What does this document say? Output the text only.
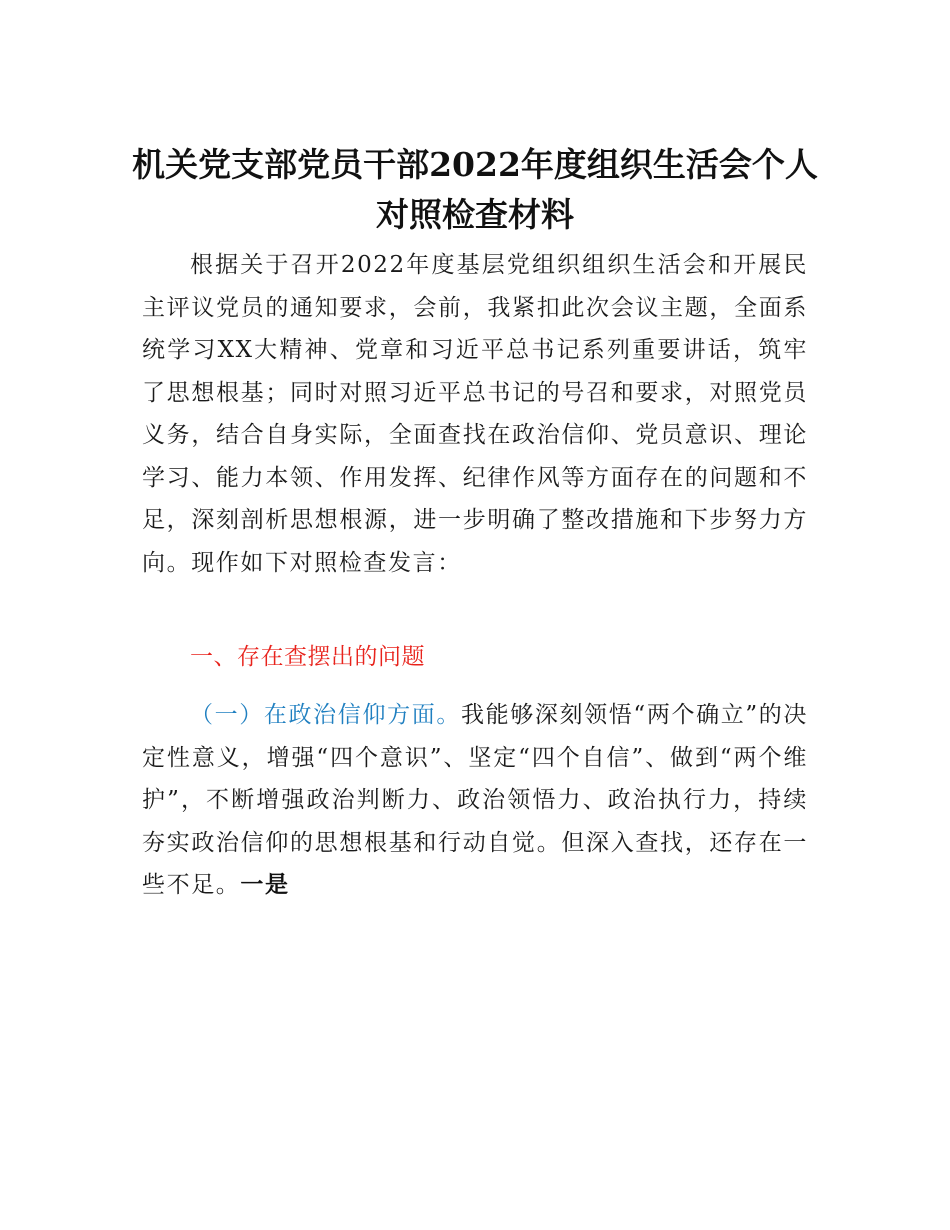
机关党支部党员干部2022年度组织生活会个人对照检查材料

根据关于召开2022年度基层党组织组织生活会和开展民主评议党员的通知要求，会前，我紧扣此次会议主题，全面系统学习XX大精神、党章和习近平总书记系列重要讲话，筑牢了思想根基；同时对照习近平总书记的号召和要求，对照党员义务，结合自身实际，全面查找在政治信仰、党员意识、理论学习、能力本领、作用发挥、纪律作风等方面存在的问题和不足，深刻剖析思想根源，进一步明确了整改措施和下步努力方向。现作如下对照检查发言：

一、存在查摆出的问题

（一）在政治信仰方面。我能够深刻领悟“两个确立”的决定性意义，增强“四个意识”、坚定“四个自信”、做到“两个维护”，不断增强政治判断力、政治领悟力、政治执行力，持续夯实政治信仰的思想根基和行动自觉。但深入查找，还存在一些不足。一是
